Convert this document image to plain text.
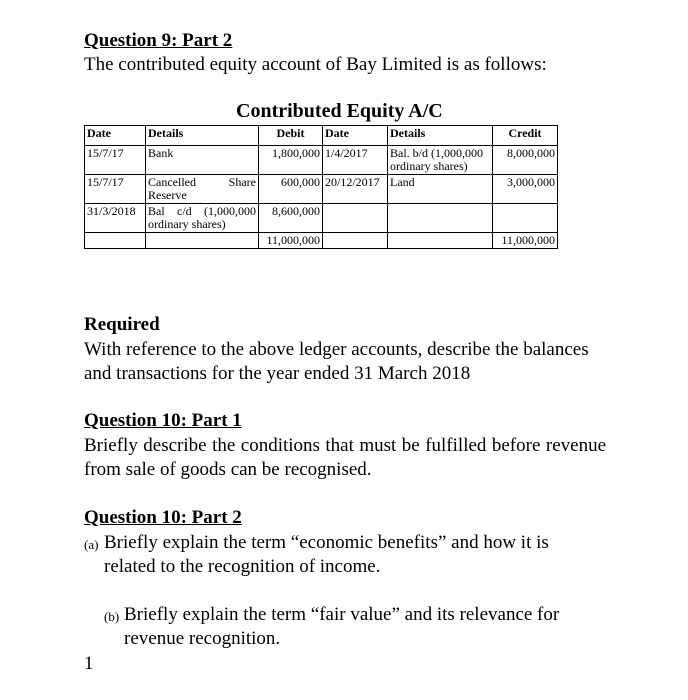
Question 9: Part 2
The contributed equity account of Bay Limited is as follows:
Contributed Equity A/C
Date	Details	Debit	Date	Details	Credit
15/7/17	Bank	1,800,000	1/4/2017	Bal. b/d (1,000,000 ordinary shares)	8,000,000
15/7/17	Cancelled Share Reserve	600,000	20/12/2017	Land	3,000,000
31/3/2018	Bal c/d (1,000,000 ordinary shares)	8,600,000			
		11,000,000			11,000,000
Required
With reference to the above ledger accounts, describe the balances and transactions for the year ended 31 March 2018
Question 10: Part 1
Briefly describe the conditions that must be fulfilled before revenue from sale of goods can be recognised.
Question 10: Part 2
(a) Briefly explain the term “economic benefits” and how it is
related to the recognition of income.
(b) Briefly explain the term “fair value” and its relevance for
revenue recognition.
1
